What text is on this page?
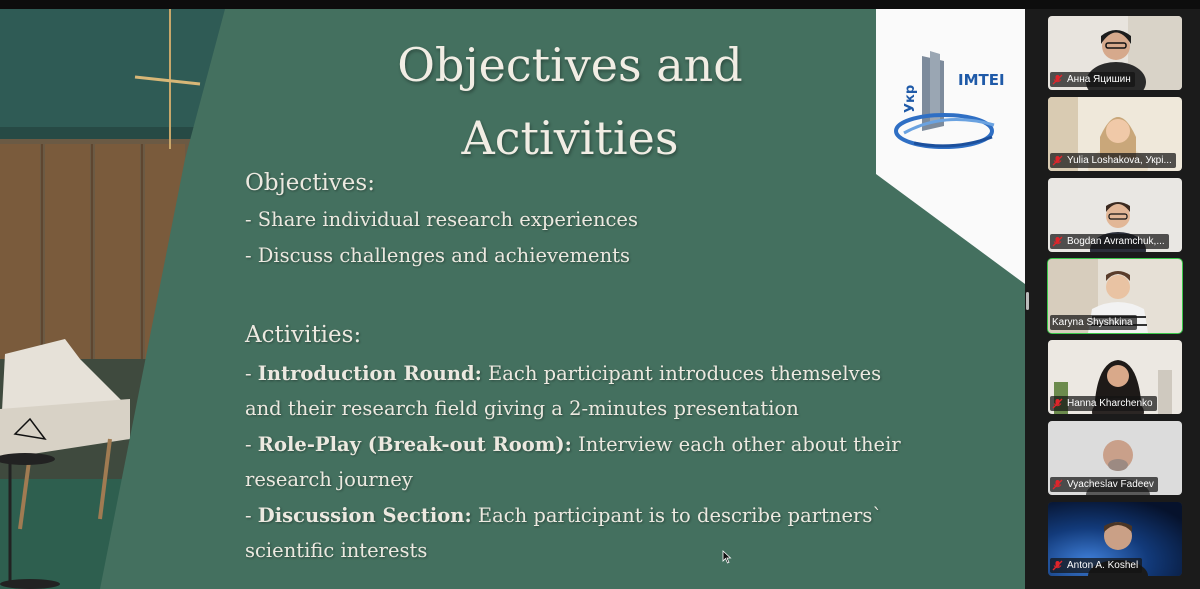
ІМТЕІ
Укр
Objectives and
Activities
Objectives:
- Share individual research experiences
- Discuss challenges and achievements
Activities:
- Introduction Round: Each participant introduces themselves
and their research field giving a 2-minutes presentation
- Role-Play (Break-out Room): Interview each other about their
research journey
- Discussion Section: Each participant is to describe partners`
scientific interests
Анна Яцишин
Yulia Loshakova, Укрі...
Bogdan Avramchuk,...
Karyna Shyshkina
Hanna Kharchenko
Vyacheslav Fadeev
Anton A. Koshel
